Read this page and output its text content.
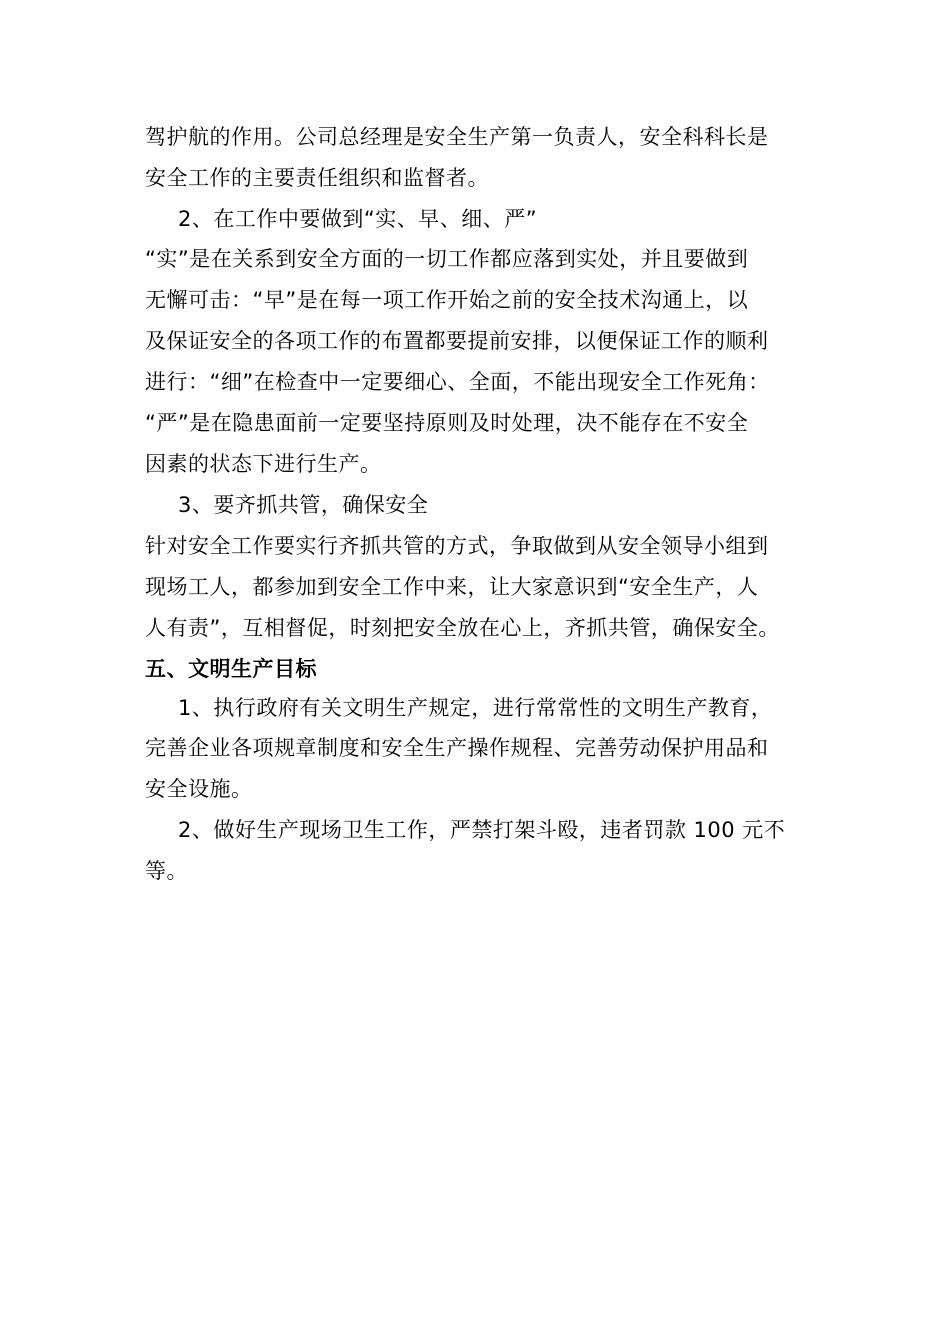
驾护航的作用。公司总经理是安全生产第一负责人，安全科科长是
安全工作的主要责任组织和监督者。
2、在工作中要做到“实、早、细、严”
“实”是在关系到安全方面的一切工作都应落到实处，并且要做到
无懈可击：“早”是在每一项工作开始之前的安全技术沟通上，以
及保证安全的各项工作的布置都要提前安排，以便保证工作的顺利
进行：“细”在检查中一定要细心、全面，不能出现安全工作死角：
“严”是在隐患面前一定要坚持原则及时处理，决不能存在不安全
因素的状态下进行生产。
3、要齐抓共管，确保安全
针对安全工作要实行齐抓共管的方式，争取做到从安全领导小组到
现场工人，都参加到安全工作中来，让大家意识到“安全生产，人
人有责”，互相督促，时刻把安全放在心上，齐抓共管，确保安全。
五、文明生产目标
1、执行政府有关文明生产规定，进行常常性的文明生产教育，
完善企业各项规章制度和安全生产操作规程、完善劳动保护用品和
安全设施。
2、做好生产现场卫生工作，严禁打架斗殴，违者罚款 100 元不
等。
